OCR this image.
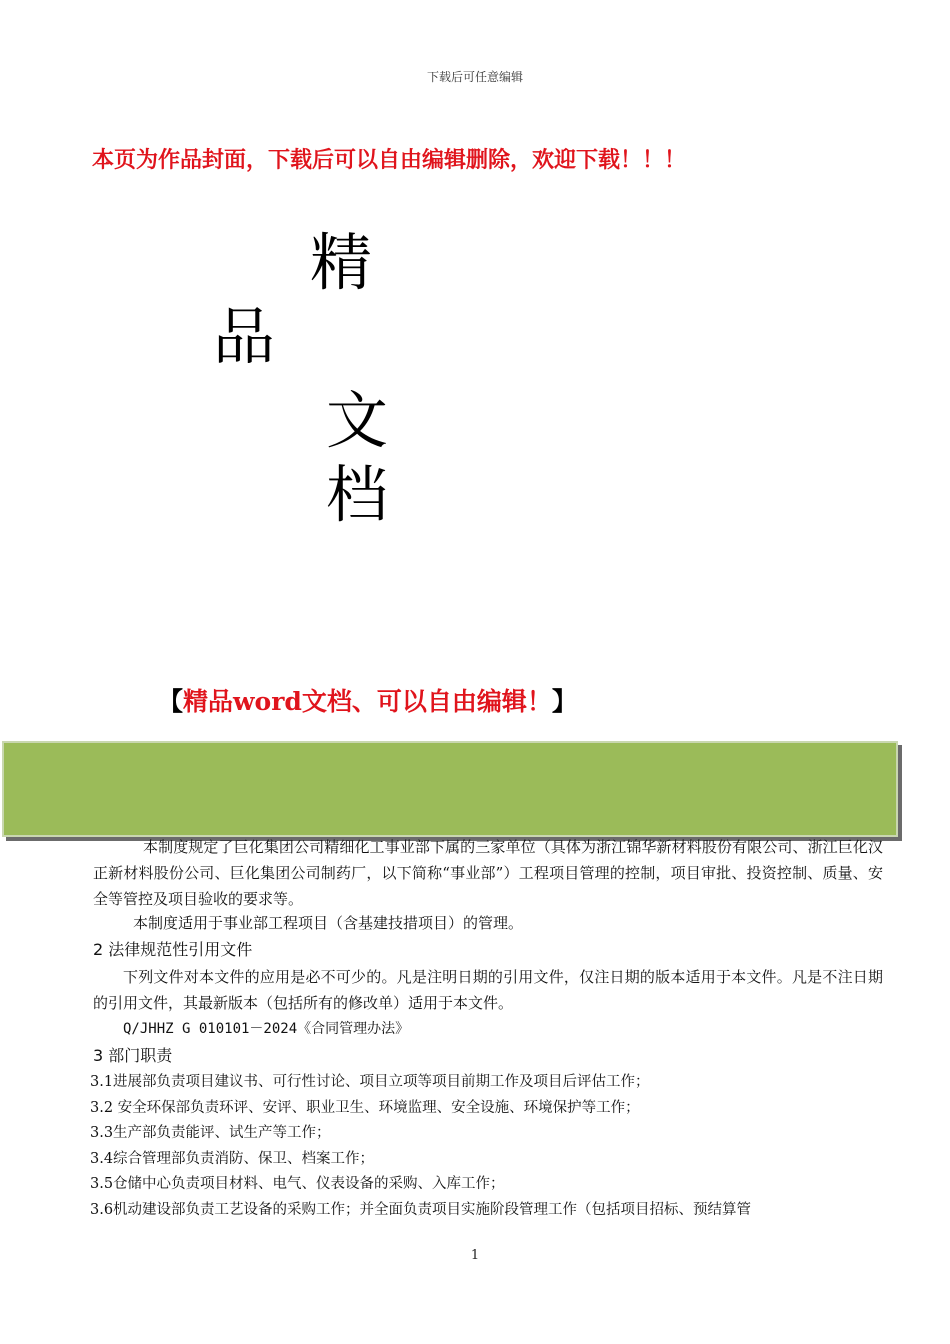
下载后可任意编辑
本页为作品封面，下载后可以自由编辑删除，欢迎下载！！！
精
品
文
档
【精品word文档、可以自由编辑！】
本制度规定了巨化集团公司精细化工事业部下属的三家单位（具体为浙江锦华新材料股份有限公司、浙江巨化汉正新材料股份公司、巨化集团公司制药厂，以下简称“事业部”）工程项目管理的控制，项目审批、投资控制、质量、安全等管控及项目验收的要求等。
本制度适用于事业部工程项目（含基建技措项目）的管理。
2 法律规范性引用文件
下列文件对本文件的应用是必不可少的。凡是注明日期的引用文件，仅注日期的版本适用于本文件。凡是不注日期的引用文件，其最新版本（包括所有的修改单）适用于本文件。
Q/JHHZ G 010101－2024《合同管理办法》
3 部门职责
3.1进展部负责项目建议书、可行性讨论、项目立项等项目前期工作及项目后评估工作；
3.2 安全环保部负责环评、安评、职业卫生、环境监理、安全设施、环境保护等工作；
3.3生产部负责能评、试生产等工作；
3.4综合管理部负责消防、保卫、档案工作；
3.5仓储中心负责项目材料、电气、仪表设备的采购、入库工作；
3.6机动建设部负责工艺设备的采购工作；并全面负责项目实施阶段管理工作（包括项目招标、预结算管
1
